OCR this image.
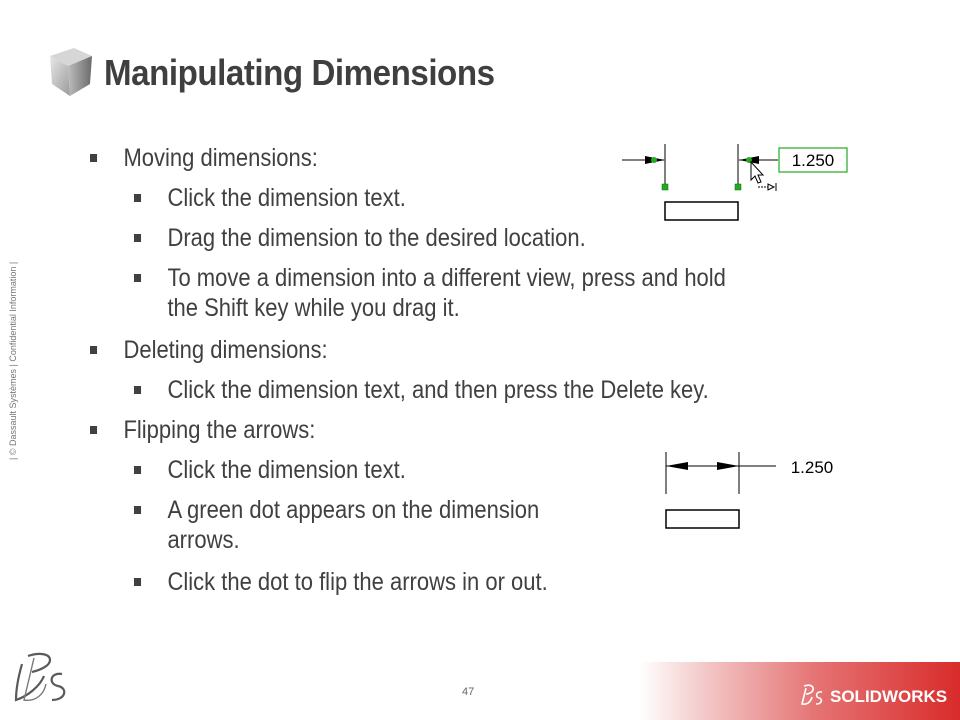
Manipulating Dimensions
| © Dassault Systèmes | Confidential Information |
Moving dimensions:
Click the dimension text.
Drag the dimension to the desired location.
To move a dimension into a different view, press and hold
the Shift key while you drag it.
Deleting dimensions:
Click the dimension text, and then press the Delete key.
Flipping the arrows:
Click the dimension text.
A green dot appears on the dimension
arrows.
Click the dot to flip the arrows in or out.
1.250
1.250
47	SOLIDWORKS
